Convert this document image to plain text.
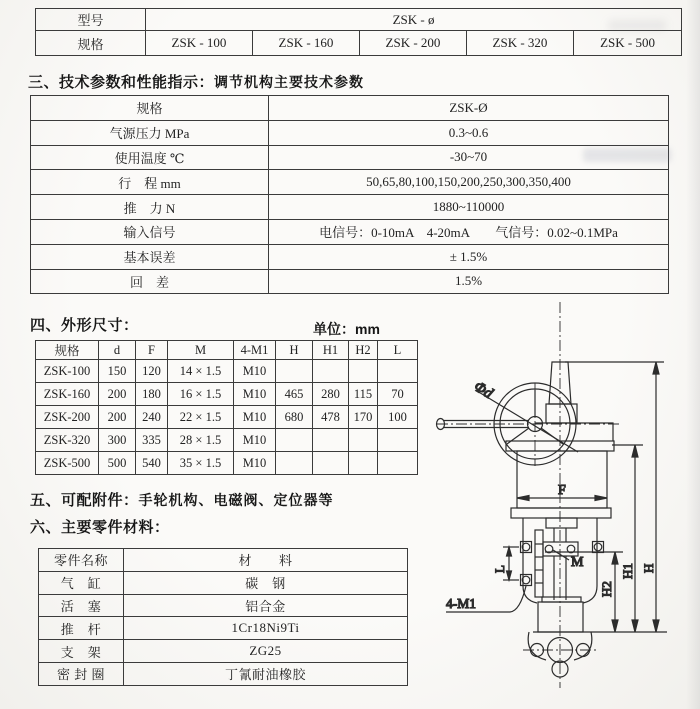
型号	ZSK - ø				
规格	ZSK - 100	ZSK - 160	ZSK - 200	ZSK - 320	ZSK - 500
三、技术参数和性能指示：调节机构主要技术参数
规格	ZSK-Ø
气源压力 MPa	0.3~0.6
使用温度 ℃	-30~70
行　程 mm	50,65,80,100,150,200,250,300,350,400
推　力 N	1880~110000
输入信号	电信号：0-10mA　4-20mA　　气信号：0.02~0.1MPa
基本误差	± 1.5%
回　差	1.5%
四、外形尺寸：	单位：mm
规格	d	F	M	4-M1	H	H1	H2	L
ZSK-100	150	120	14 × 1.5	M10				
ZSK-160	200	180	16 × 1.5	M10	465	280	115	70
ZSK-200	200	240	22 × 1.5	M10	680	478	170	100
ZSK-320	300	335	28 × 1.5	M10				
ZSK-500	500	540	35 × 1.5	M10				
五、可配附件：手轮机构、电磁阀、定位器等
六、主要零件材料：
零件名称	材　　料
气　缸	碳　钢
活　塞	铝合金
推　杆	1Cr18Ni9Ti
支　架	ZG25
密 封 圈	丁氰耐油橡胶
Φd
F
M
L
4-M1
H2
H1 H
